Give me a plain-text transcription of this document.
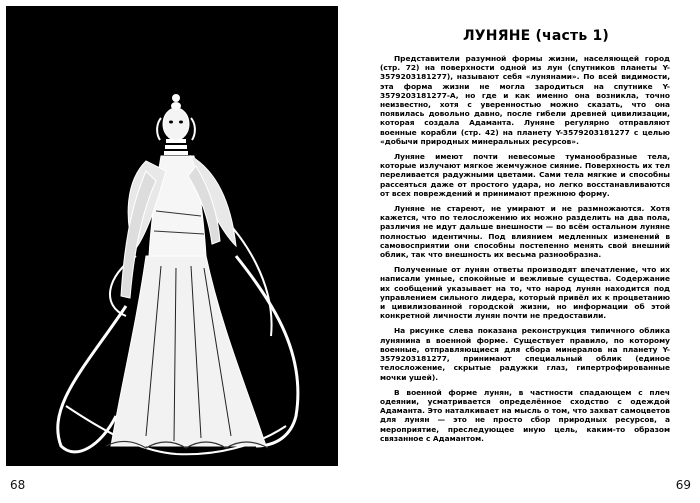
68
ЛУНЯНЕ (часть 1)

Представители разумной формы жизни, населяющей город (стр. 72) на поверхности одной из лун (спутников планеты Y-3579203181277), называют себя «лунянами». По всей видимости, эта форма жизни не могла зародиться на спутнике Y-3579203181277-A, но где и как именно она возникла, точно неизвестно, хотя с уверенностью можно сказать, что она появилась довольно давно, после гибели древней цивилизации, которая создала Адаманта. Луняне регулярно отправляют военные корабли (стр. 42) на планету Y-3579203181277 с целью «добычи природных минеральных ресурсов».

Луняне имеют почти невесомые туманообразные тела, которые излучают мягкое жемчужное сияние. Поверхность их тел переливается радужными цветами. Сами тела мягкие и способны рассеяться даже от простого удара, но легко восстанавливаются от всех повреждений и принимают прежнюю форму.

Луняне не стареют, не умирают и не размножаются. Хотя кажется, что по телосложению их можно разделить на два пола, различия не идут дальше внешности — во всём остальном луняне полностью идентичны. Под влиянием медленных изменений в самовосприятии они способны постепенно менять свой внешний облик, так что внешность их весьма разнообразна.

Полученные от лунян ответы производят впечатление, что их написали умные, спокойные и вежливые существа. Содержание их сообщений указывает на то, что народ лунян находится под управлением сильного лидера, который привёл их к процветанию и цивилизованной городской жизни, но информации об этой конкретной личности лунян почти не предоставили.

На рисунке слева показана реконструкция типичного облика лунянина в военной форме. Существует правило, по которому военные, отправляющиеся для сбора минералов на планету Y-3579203181277, принимают специальный облик (единое телосложение, скрытые радужки глаз, гипертрофированные мочки ушей).

В военной форме лунян, в частности спадающем с плеч одеянии, усматривается определённое сходство с одеждой Адаманта. Это наталкивает на мысль о том, что захват самоцветов для лунян — это не просто сбор природных ресурсов, а мероприятие, преследующее иную цель, каким-то образом связанное с Адамантом.

69
